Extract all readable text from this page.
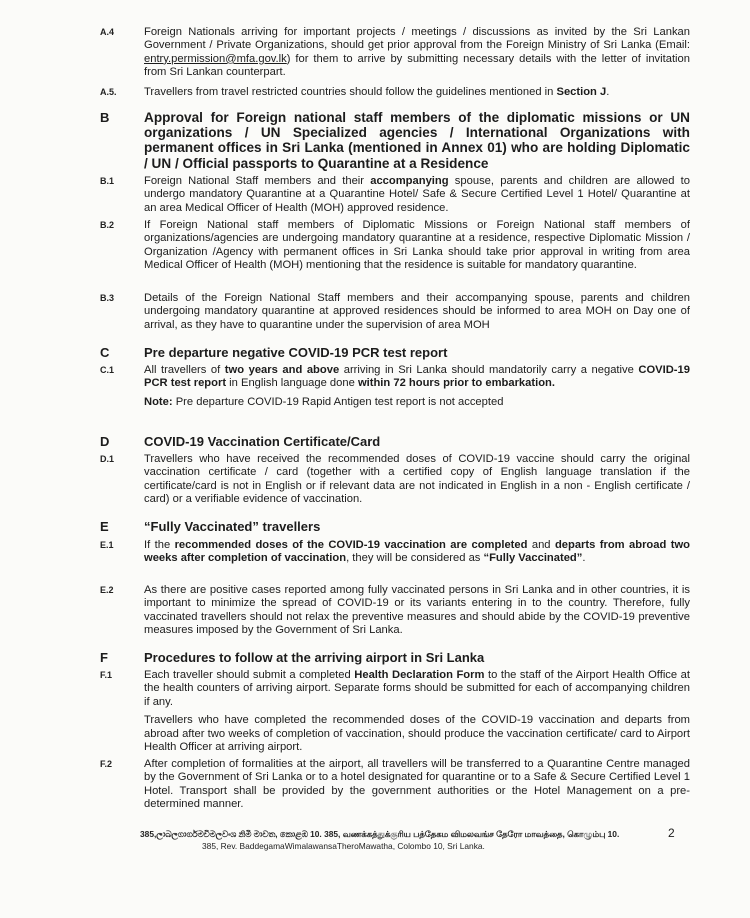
A.4	Foreign Nationals arriving for important projects / meetings / discussions as invited by the Sri Lankan Government / Private Organizations, should get prior approval from the Foreign Ministry of Sri Lanka (Email: entry.permission@mfa.gov.lk) for them to arrive by submitting necessary details with the letter of invitation from Sri Lankan counterpart.
A.5. Travellers from travel restricted countries should follow the guidelines mentioned in Section J.
B	Approval for Foreign national staff members of the diplomatic missions or UN organizations / UN Specialized agencies / International Organizations with permanent offices in Sri Lanka (mentioned in Annex 01) who are holding Diplomatic / UN / Official passports to Quarantine at a Residence
B.1	Foreign National Staff members and their accompanying spouse, parents and children are allowed to undergo mandatory Quarantine at a Quarantine Hotel/ Safe & Secure Certified Level 1 Hotel/ Quarantine at an area Medical Officer of Health (MOH) approved residence.
B.2	If Foreign National staff members of Diplomatic Missions or Foreign National staff members of organizations/agencies are undergoing mandatory quarantine at a residence, respective Diplomatic Mission / Organization /Agency with permanent offices in Sri Lanka should take prior approval in writing from area Medical Officer of Health (MOH) mentioning that the residence is suitable for mandatory quarantine.
B.3	Details of the Foreign National Staff members and their accompanying spouse, parents and children undergoing mandatory quarantine at approved residences should be informed to area MOH on Day one of arrival, as they have to quarantine under the supervision of area MOH
C	Pre departure negative COVID-19 PCR test report
C.1	All travellers of two years and above arriving in Sri Lanka should mandatorily carry a negative COVID-19 PCR test report in English language done within 72 hours prior to embarkation.

Note: Pre departure COVID-19 Rapid Antigen test report is not accepted

D	COVID-19 Vaccination Certificate/Card
D.1	Travellers who have received the recommended doses of COVID-19 vaccine should carry the original vaccination certificate / card (together with a certified copy of English language translation if the certificate/card is not in English or if relevant data are not indicated in English in a non - English certificate / card) or a verifiable evidence of vaccination.
E	“Fully Vaccinated” travellers
E.1	If the recommended doses of the COVID-19 vaccination are completed and departs from abroad two weeks after completion of vaccination, they will be considered as “Fully Vaccinated”.
E.2	As there are positive cases reported among fully vaccinated persons in Sri Lanka and in other countries, it is important to minimize the spread of COVID-19 or its variants entering in to the country. Therefore, fully vaccinated travellers should not relax the preventive measures and should abide by the COVID-19 preventive measures imposed by the Government of Sri Lanka.
F	Procedures to follow at the arriving airport in Sri Lanka
F.1	Each traveller should submit a completed Health Declaration Form to the staff of the Airport Health Office at the health counters of arriving airport. Separate forms should be submitted for each of accompanying children if any.

Travellers who have completed the recommended doses of the COVID-19 vaccination and departs from abroad after two weeks of completion of vaccination, should produce the vaccination certificate/ card to Airport Health Officer at arriving airport.

F.2	After completion of formalities at the airport, all travellers will be transferred to a Quarantine Centre managed by the Government of Sri Lanka or to a hotel designated for quarantine or to a Safe & Secure Certified Level 1 Hotel. Transport shall be provided by the government authorities or the Hotel Management on a pre-determined manner.
385,ලාබලගාර්ගමවිමලවංශ නිමි මාවත, කොළඹ 10. 385, வணக்கத்துக்குரிய பத்தேகம விமலவங்ச தேரோ மாவத்தை, கொழும்பு 10.
385, Rev. BaddegamaWimalawansaTheroMawatha, Colombo 10, Sri Lanka.
2
